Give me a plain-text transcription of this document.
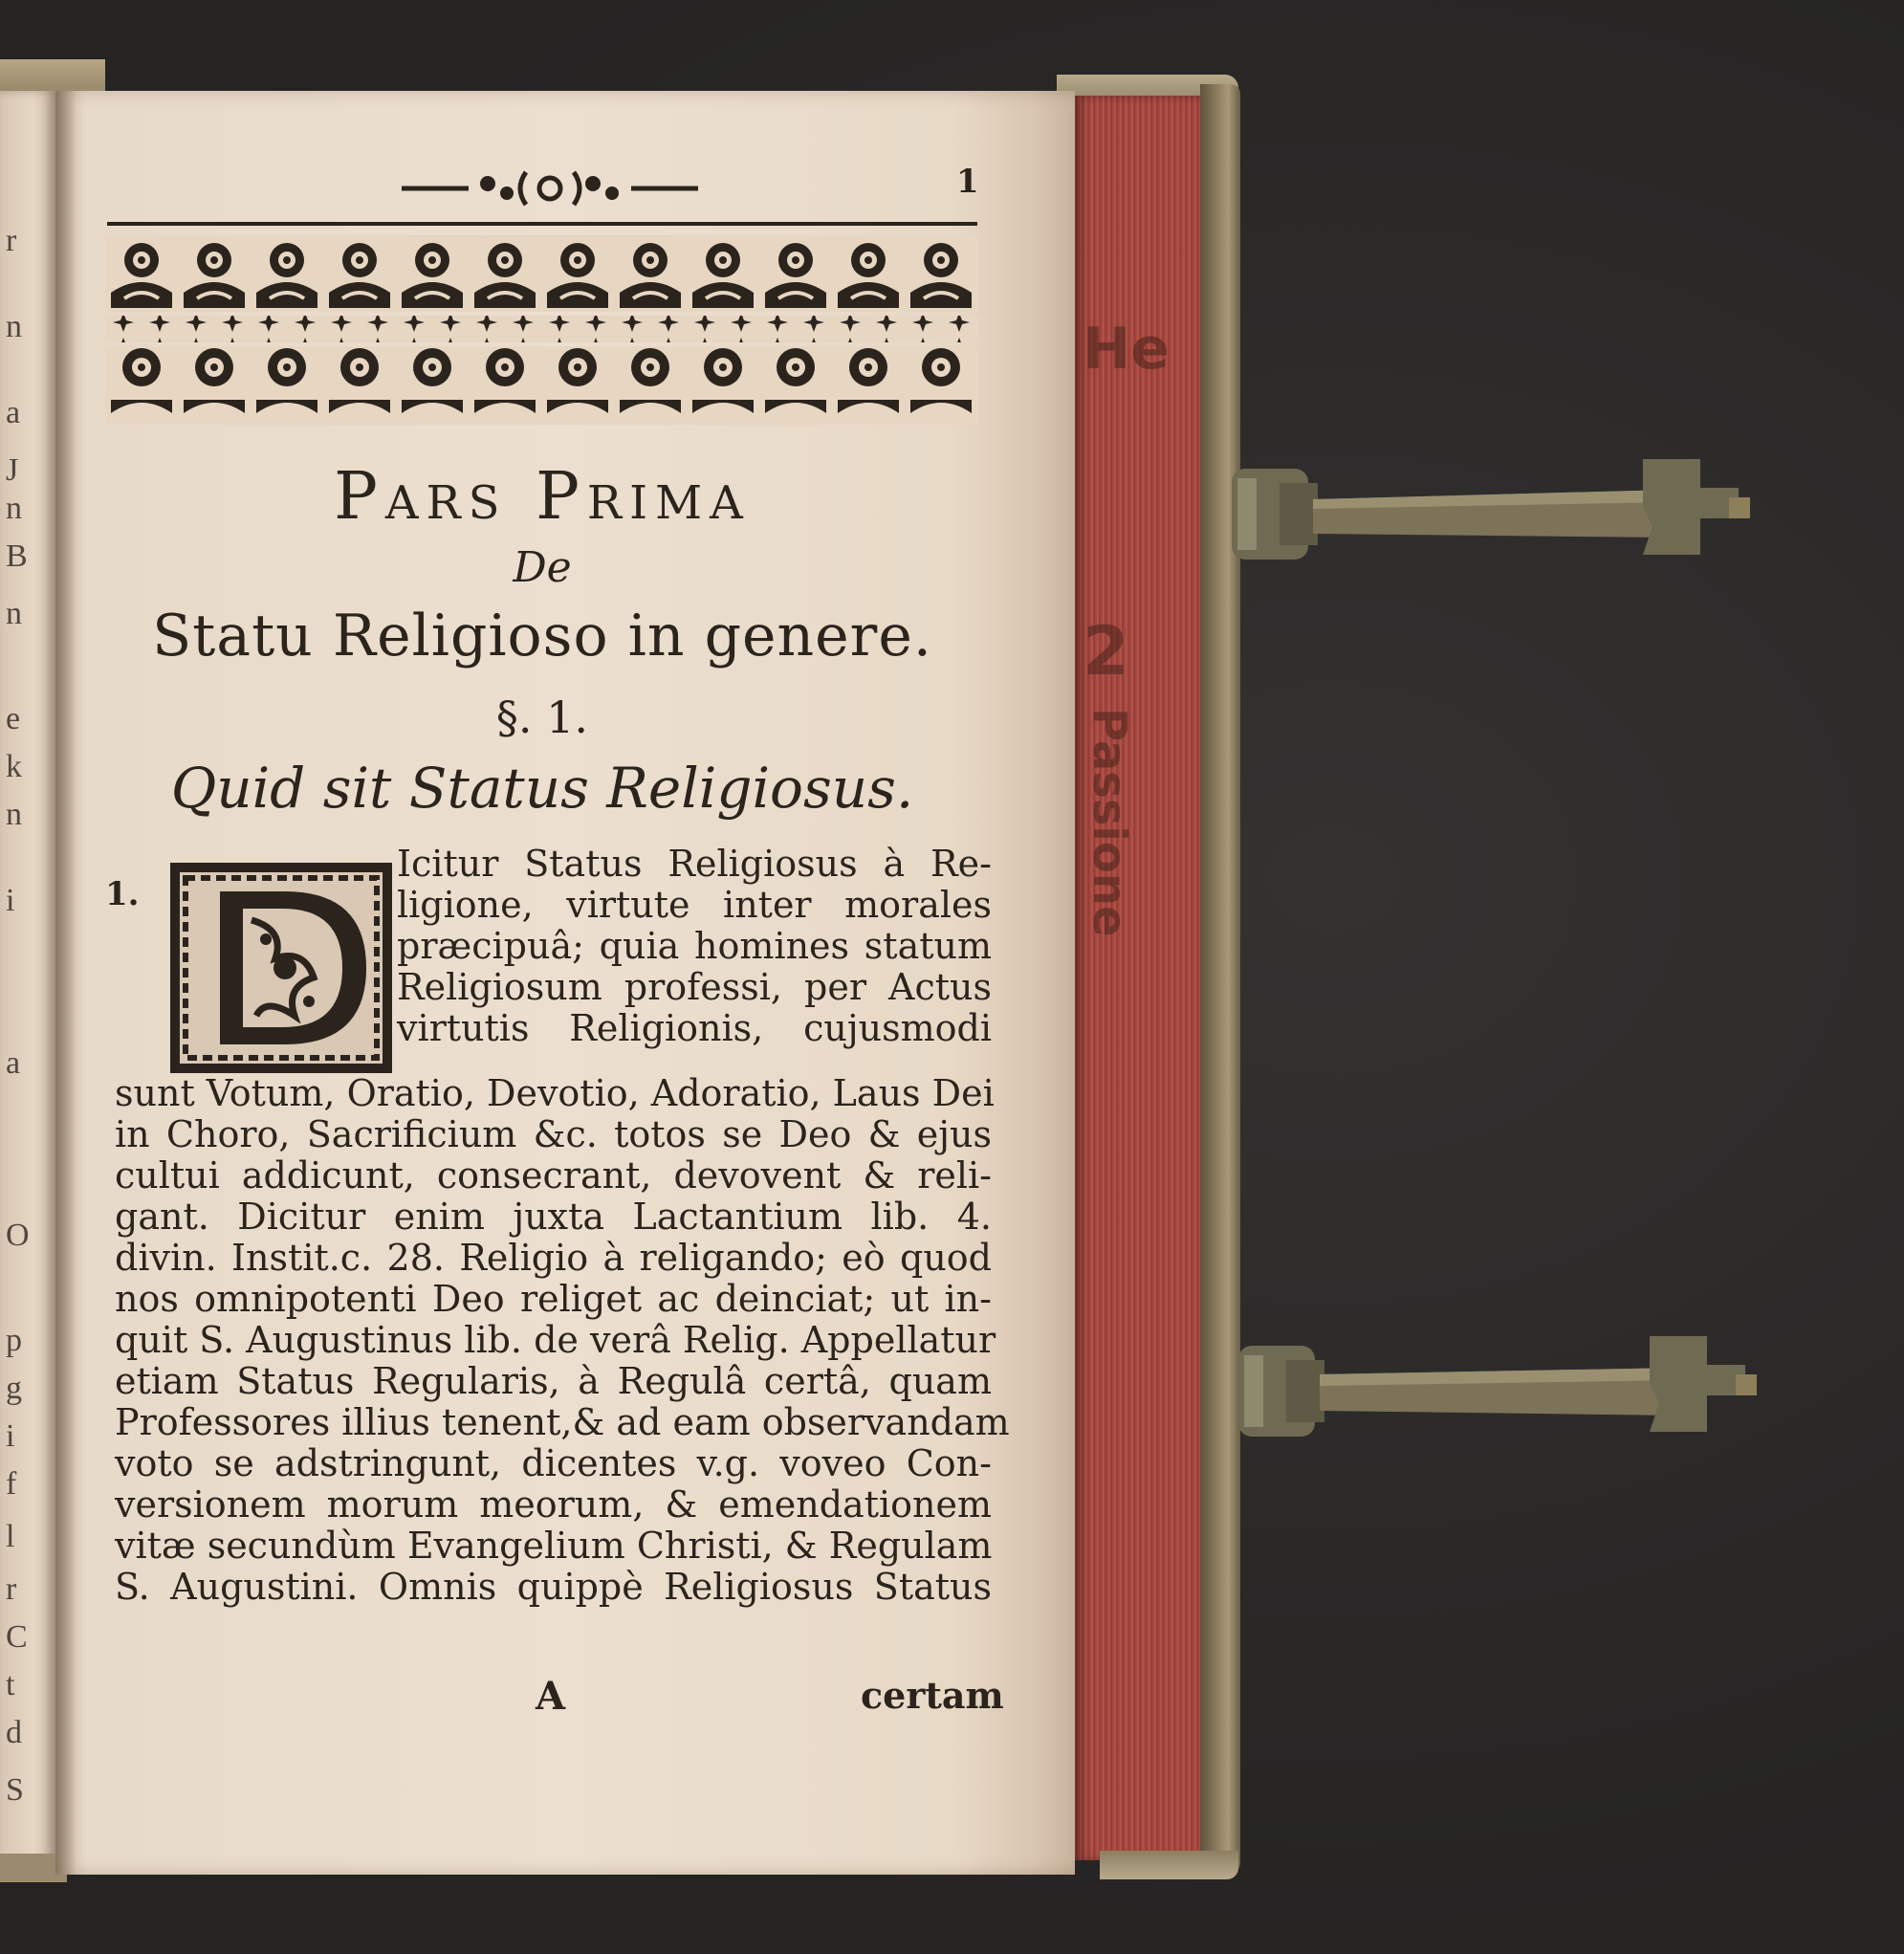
r
n
a
J
n
B
n
e
k
n
i
a
O
p
g
i
f
l
r
C
t
d
S
He
2
Passione
1
Pars Prima
De
Statu Religioso in genere.
§. 1.
Quid sit Status Religiosus.
1.
Icitur Status Religiosus à Re-
ligione, virtute inter morales
præcipuâ; quia homines statum
Religiosum professi, per Actus
virtutis Religionis, cujusmodi
sunt Votum, Oratio, Devotio, Adoratio, Laus Dei
in Choro, Sacrificium &c. totos se Deo & ejus
cultui addicunt, consecrant, devovent & reli-
gant. Dicitur enim juxta Lactantium lib. 4.
divin. Instit.c. 28. Religio à religando; eò quod
nos omnipotenti Deo religet ac deinciat; ut in-
quit S. Augustinus lib. de verâ Relig. Appellatur
etiam Status Regularis, à Regulâ certâ, quam
Professores illius tenent,& ad eam observandam
voto se adstringunt, dicentes v.g. voveo Con-
versionem morum meorum, & emendationem
vitæ secundùm Evangelium Christi, & Regulam
S. Augustini. Omnis quippè Religiosus Status
A	certam
